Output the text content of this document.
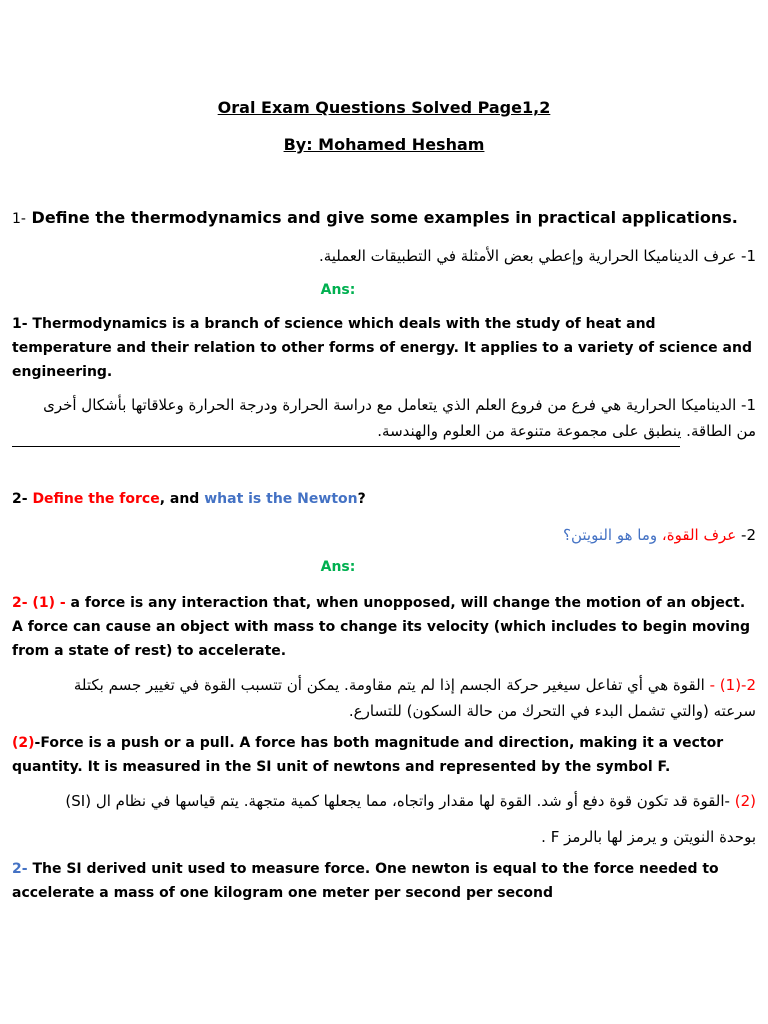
Oral Exam Questions Solved Page1,2
By: Mohamed Hesham
1- Define the thermodynamics and give some examples in practical applications.
1- عرف الديناميكا الحرارية وإعطي بعض الأمثلة في التطبيقات العملية.
Ans:
1- Thermodynamics is a branch of science which deals with the study of heat and temperature and their relation to other forms of energy. It applies to a variety of science and engineering.
1- الديناميكا الحرارية هي فرع من فروع العلم الذي يتعامل مع دراسة الحرارة ودرجة الحرارة وعلاقاتها بأشكال أخرى
من الطاقة. ينطبق على مجموعة متنوعة من العلوم والهندسة.
2- Define the force, and what is the Newton?
2- عرف القوة، وما هو النويتن؟
Ans:
2- (1) - a force is any interaction that, when unopposed, will change the motion of an object. A force can cause an object with mass to change its velocity (which includes to begin moving from a state of rest) to accelerate.
2-(1) - القوة هي أي تفاعل سيغير حركة الجسم إذا لم يتم مقاومة. يمكن أن تتسبب القوة في تغيير جسم بكتلة
سرعته (والتي تشمل البدء في التحرك من حالة السكون) للتسارع.
(2)-Force is a push or a pull. A force has both magnitude and direction, making it a vector quantity. It is measured in the SI unit of newtons and represented by the symbol F.
(2) -القوة قد تكون قوة دفع أو شد. القوة لها مقدار واتجاه، مما يجعلها كمية متجهة. يتم قياسها في نظام ال (SI)
بوحدة النويتن و يرمز لها بالرمز F .
2- The SI derived unit used to measure force. One newton is equal to the force needed to accelerate a mass of one kilogram one meter per second per second
